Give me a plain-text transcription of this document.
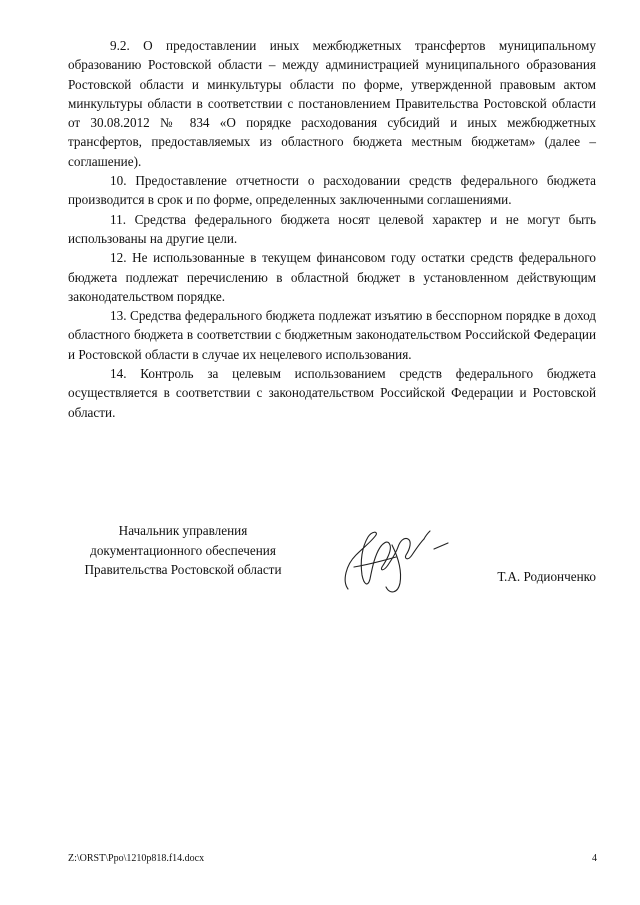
9.2. О предоставлении иных межбюджетных трансфертов муниципальному образованию Ростовской области – между администрацией муниципального образования Ростовской области и минкультуры области по форме, утвержденной правовым актом минкультуры области в соответствии с постановлением Правительства Ростовской области от 30.08.2012 № 834 «О порядке расходования субсидий и иных межбюджетных трансфертов, предоставляемых из областного бюджета местным бюджетам» (далее – соглашение).

10. Предоставление отчетности о расходовании средств федерального бюджета производится в срок и по форме, определенных заключенными соглашениями.

11. Средства федерального бюджета носят целевой характер и не могут быть использованы на другие цели.

12. Не использованные в текущем финансовом году остатки средств федерального бюджета подлежат перечислению в областной бюджет в установленном действующим законодательством порядке.

13. Средства федерального бюджета подлежат изъятию в бесспорном порядке в доход областного бюджета в соответствии с бюджетным законодательством Российской Федерации и Ростовской области в случае их нецелевого использования.

14. Контроль за целевым использованием средств федерального бюджета осуществляется в соответствии с законодательством Российской Федерации и Ростовской области.

Начальник управления
документационного обеспечения
Правительства Ростовской области	Т.А. Родионченко
Z:\ORST\Ppo\1210p818.f14.docx	4
